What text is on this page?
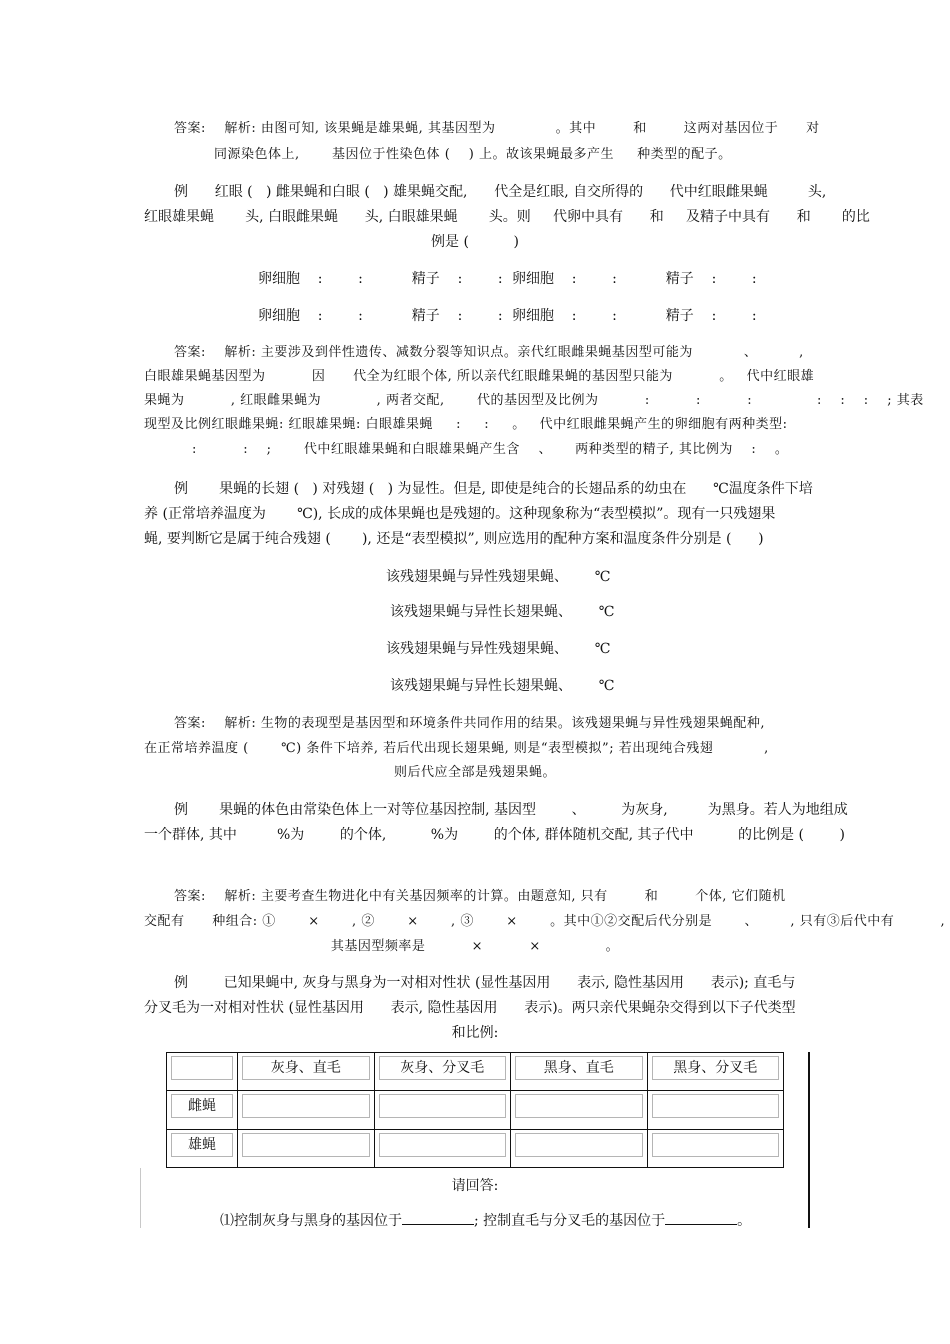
答案:    解析: 由图可知, 该果蝇是雄果蝇, 其基因型为             。其中        和        这两对基因位于      对
同源染色体上,       基因位于性染色体 (    ) 上。故该果蝇最多产生     种类型的配子。
例      红眼 (   ) 雌果蝇和白眼 (   ) 雄果蝇交配,      代全是红眼, 自交所得的      代中红眼雌果蝇         头,
红眼雄果蝇       头, 白眼雌果蝇      头, 白眼雄果蝇       头。则     代卵中具有      和     及精子中具有      和       的比
例是 (          )
卵细胞    :        :           精子    :        : 卵细胞    :        :           精子    :        :
卵细胞    :        :           精子    :        : 卵细胞    :        :           精子    :        :
答案:    解析: 主要涉及到伴性遗传、减数分裂等知识点。亲代红眼雌果蝇基因型可能为           、         ,
白眼雄果蝇基因型为          因      代全为红眼个体, 所以亲代红眼雌果蝇的基因型只能为          。   代中红眼雄
果蝇为          , 红眼雌果蝇为            , 两者交配,       代的基因型及比例为          :          :          :              :    :    :    ; 其表
现型及比例红眼雌果蝇: 红眼雄果蝇: 白眼雄果蝇     :     :     。   代中红眼雌果蝇产生的卵细胞有两种类型:
:          :    ;       代中红眼雄果蝇和白眼雄果蝇产生含    、     两种类型的精子, 其比例为    :    。
例       果蝇的长翅 (   ) 对残翅 (   ) 为显性。但是, 即使是纯合的长翅品系的幼虫在      ℃温度条件下培
养 (正常培养温度为       ℃), 长成的成体果蝇也是残翅的。这种现象称为“表型模拟”。现有一只残翅果
蝇, 要判断它是属于纯合残翅 (       ), 还是“表型模拟”, 则应选用的配种方案和温度条件分别是 (      )
该残翅果蝇与异性残翅果蝇、      ℃
该残翅果蝇与异性长翅果蝇、      ℃
该残翅果蝇与异性残翅果蝇、      ℃
该残翅果蝇与异性长翅果蝇、      ℃
答案:    解析: 生物的表现型是基因型和环境条件共同作用的结果。该残翅果蝇与异性残翅果蝇配种,
在正常培养温度 (       ℃) 条件下培养, 若后代出现长翅果蝇, 则是“表型模拟”; 若出现纯合残翅           ,
则后代应全部是残翅果蝇。
例       果蝇的体色由常染色体上一对等位基因控制, 基因型        、        为灰身,         为黑身。若人为地组成
一个群体, 其中         %为        的个体,          %为        的个体, 群体随机交配, 其子代中          的比例是 (        )
答案:    解析: 主要考查生物进化中有关基因频率的计算。由题意知, 只有        和        个体, 它们随机
交配有      种组合: ①       ×       , ②       ×       , ③       ×       。其中①②交配后代分别是       、       , 只有③后代中有          ,
其基因型频率是          ×          ×              。
例        已知果蝇中, 灰身与黑身为一对相对性状 (显性基因用      表示, 隐性基因用      表示); 直毛与
分叉毛为一对相对性状 (显性基因用      表示, 隐性基因用      表示)。两只亲代果蝇杂交得到以下子代类型
和比例:

	灰身、直毛	灰身、分叉毛	黑身、直毛	黑身、分叉毛

雌蝇				

雄蝇				

请回答:
⑴控制灰身与黑身的基因位于	; 控制直毛与分叉毛的基因位于	。
